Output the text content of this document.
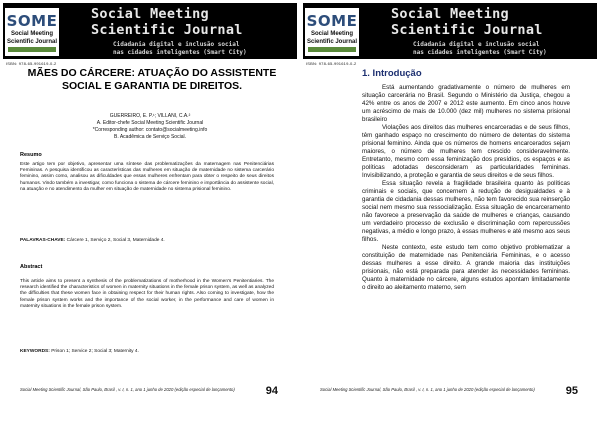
SOME
Social Meeting
Scientific Journal
Social Meeting
Scientific Journal
Cidadania digital e inclusão social
nas cidades inteligentes (Smart City)
ISBN: 978-65-991619-0-2
MÃES DO CÁRCERE: ATUAÇÃO DO ASSISTENTE SOCIAL E GARANTIA DE DIREITOS.
GUERREIRO, E. P.¹; VILLANI, C.A.²
A. Editor-chefe Social Meeting Scientific Journal
*Corresponding author: contato@socialmeeting.info
B. Acadêmica de Serviço Social.
Resumo
Este artigo tem por objetivo, apresentar uma síntese das problematizações da maternagem nas Penitenciárias Femininas. A pesquisa identificou as características das mulheres em situação de maternidade no sistema carcerário feminino, assim como, analisou as dificuldades que essas mulheres enfrentam para obter o respeito de seus direitos humanos. Vindo também a investigar, como funciona o sistema de cárcere feminino e importância do assistente social, na atuação e no atendimento da mulher em situação de maternidade no sistema prisional feminino.
PALAVRAS-CHAVE: Cárcere 1, Serviço 2, Social 3, Maternidade 4.
Abstract
This article aims to present a synthesis of the problematizations of motherhood in the Women's Penitentiaries. The research identified the characteristics of women in maternity situations in the female prison system, as well as analyzed the difficulties that these women face in obtaining respect for their human rights. Also coming to investigate, how the female prison system works and the importance of the social worker, in the performance and care of women in maternity situations in the female prison system.
KEYWORDS: Prison 1; Service 2; Social 3; Maternity 4.
Social Meeting Scientific Journal, São Paulo, Brasil , v. I, n. 1, ano 1 junho de 2020 (edição especial de lançamento)	94
SOME
Social Meeting
Scientific Journal
Social Meeting
Scientific Journal
Cidadania digital e inclusão social
nas cidades inteligentes (Smart City)
ISBN: 978-65-991619-0-2
1. Introdução

Está aumentando gradativamente o número de mulheres em situação carcerária no Brasil. Segundo o Ministério da Justiça, chegou a 42% entre os anos de 2007 e 2012 este aumento. Em cinco anos houve um acréscimo de mais de 10.000 (dez mil) mulheres no sistema prisional brasileiro

Violações aos direitos das mulheres encarceradas e de seus filhos, têm ganhado espaço no crescimento do número de detentas do sistema prisional feminino. Ainda que os números de homens encarcerados sejam maiores, o número de mulheres tem crescido consideravelmente. Entretanto, mesmo com essa feminização dos presídios, os espaços e as políticas adotadas desconsideram as particularidades femininas. Invisibilizando, a proteção e garantia de seus direitos e de seus filhos.

Essa situação revela a fragilidade brasileira quanto às políticas criminais e sociais, que concernem à redução de desigualdades e à garantia de cidadania dessas mulheres, não tem favorecido sua reinserção social nem mesmo sua ressocialização. Essa situação de encarceramento não favorece a preservação da saúde de mulheres e crianças, causando um verdadeiro processo de exclusão e discriminação com repercussões negativas, a médio e longo prazo, à essas mulheres e até mesmo aos seus filhos.

Neste contexto, este estudo tem como objetivo problematizar a constituição de maternidade nas Penitenciária Femininas, e o acesso dessas mulheres a esse direito. A grande maioria das instituições prisionais, não está preparada para atender às necessidades femininas. Quanto à maternidade no cárcere, alguns estudos apontam limitadamente o direito ao aleitamento materno, sem

Social Meeting Scientific Journal, São Paulo, Brasil , v. I, n. 1, ano 1 junho de 2020 (edição especial de lançamento)	95
